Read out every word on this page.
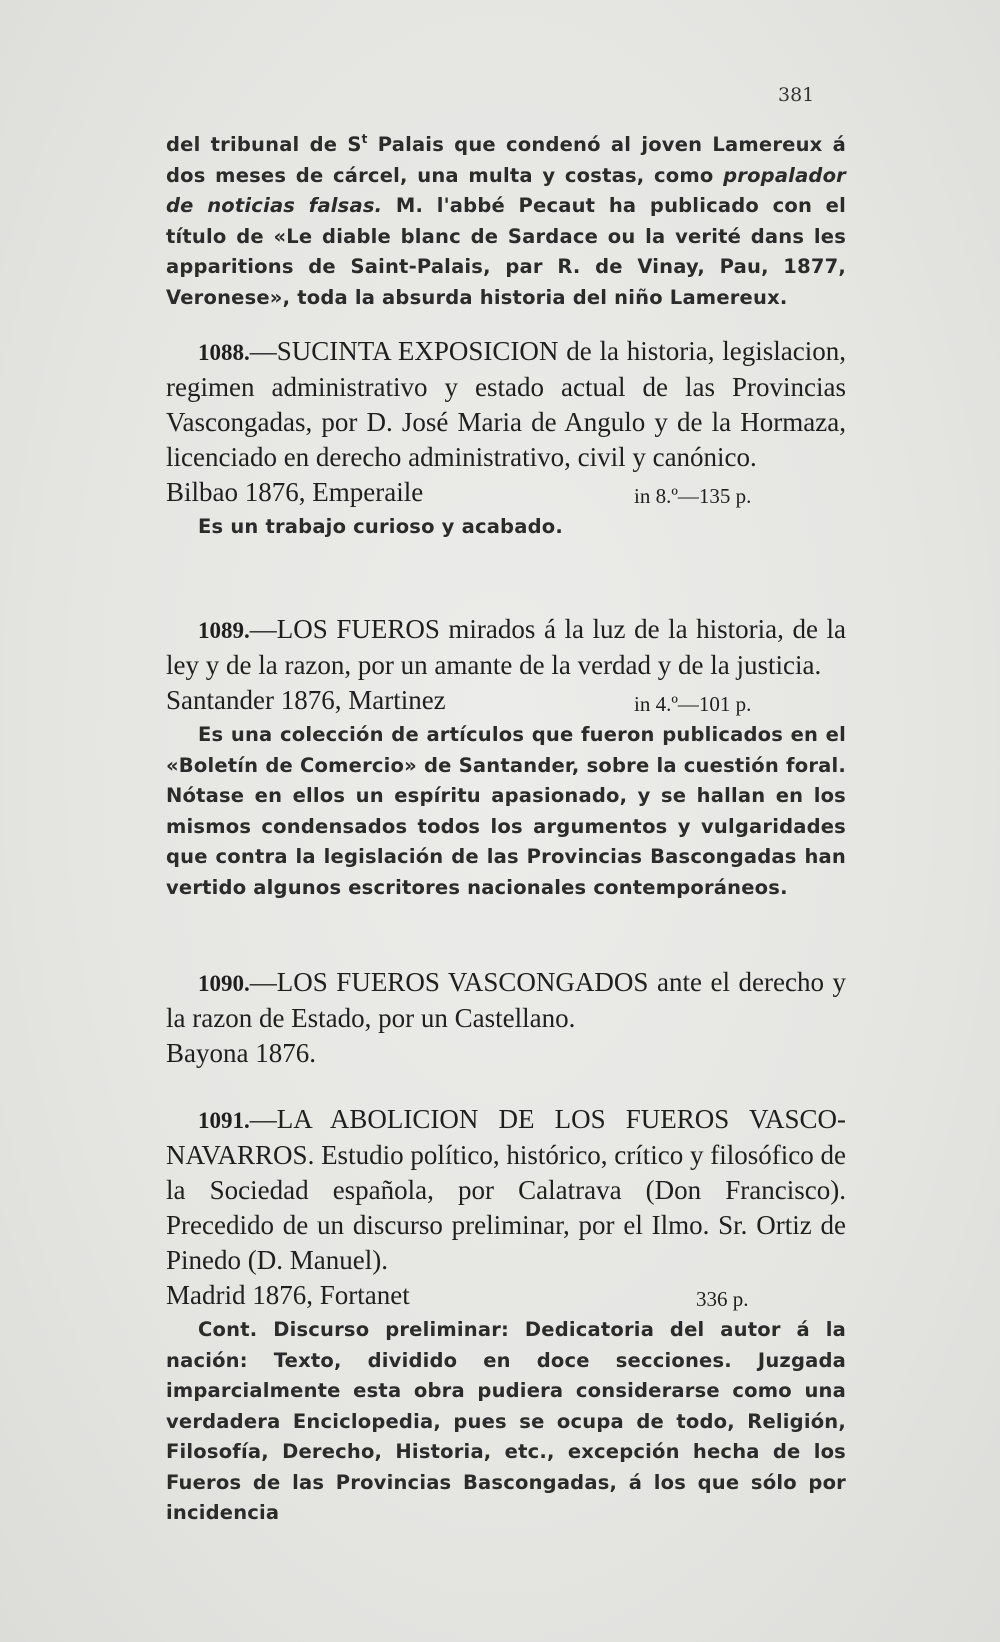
381
del tribunal de $S^t$ Palais que condenó al joven Lamereux á dos meses de cárcel, una multa y costas, como propalador de noticias falsas. M. l'abbé Pecaut ha publicado con el título de «Le diable blanc de Sardace ou la verité dans les apparitions de Saint-Palais, par R. de Vinay, Pau, 1877, Veronese», toda la absurda historia del niño Lamereux.
1088.—SUCINTA EXPOSICION de la historia, legislacion, regimen administrativo y estado actual de las Provincias Vascongadas, por D. José Maria de Angulo y de la Hormaza, licenciado en derecho administrativo, civil y canónico.
Bilbao 1876, Emperaile	in 8.º—135 p.
Es un trabajo curioso y acabado.
1089.—LOS FUEROS mirados á la luz de la historia, de la ley y de la razon, por un amante de la verdad y de la justicia.
Santander 1876, Martinez	in 4.º—101 p.
Es una colección de artículos que fueron publicados en el «Boletín de Comercio» de Santander, sobre la cuestión foral. Nótase en ellos un espíritu apasionado, y se hallan en los mismos condensados todos los argumentos y vulgaridades que contra la legislación de las Provincias Bascongadas han vertido algunos escritores nacionales contemporáneos.
1090.—LOS FUEROS VASCONGADOS ante el derecho y la razon de Estado, por un Castellano.
Bayona 1876.
1091.—LA ABOLICION DE LOS FUEROS VASCO-NAVARROS. Estudio político, histórico, crítico y filosófico de la Sociedad española, por Calatrava (Don Francisco). Precedido de un discurso preliminar, por el Ilmo. Sr. Ortiz de Pinedo (D. Manuel).
Madrid 1876, Fortanet	336 p.
Cont. Discurso preliminar: Dedicatoria del autor á la nación: Texto, dividido en doce secciones. Juzgada imparcialmente esta obra pudiera considerarse como una verdadera Enciclopedia, pues se ocupa de todo, Religión, Filosofía, Derecho, Historia, etc., excepción hecha de los Fueros de las Provincias Bascongadas, á los que sólo por incidencia
